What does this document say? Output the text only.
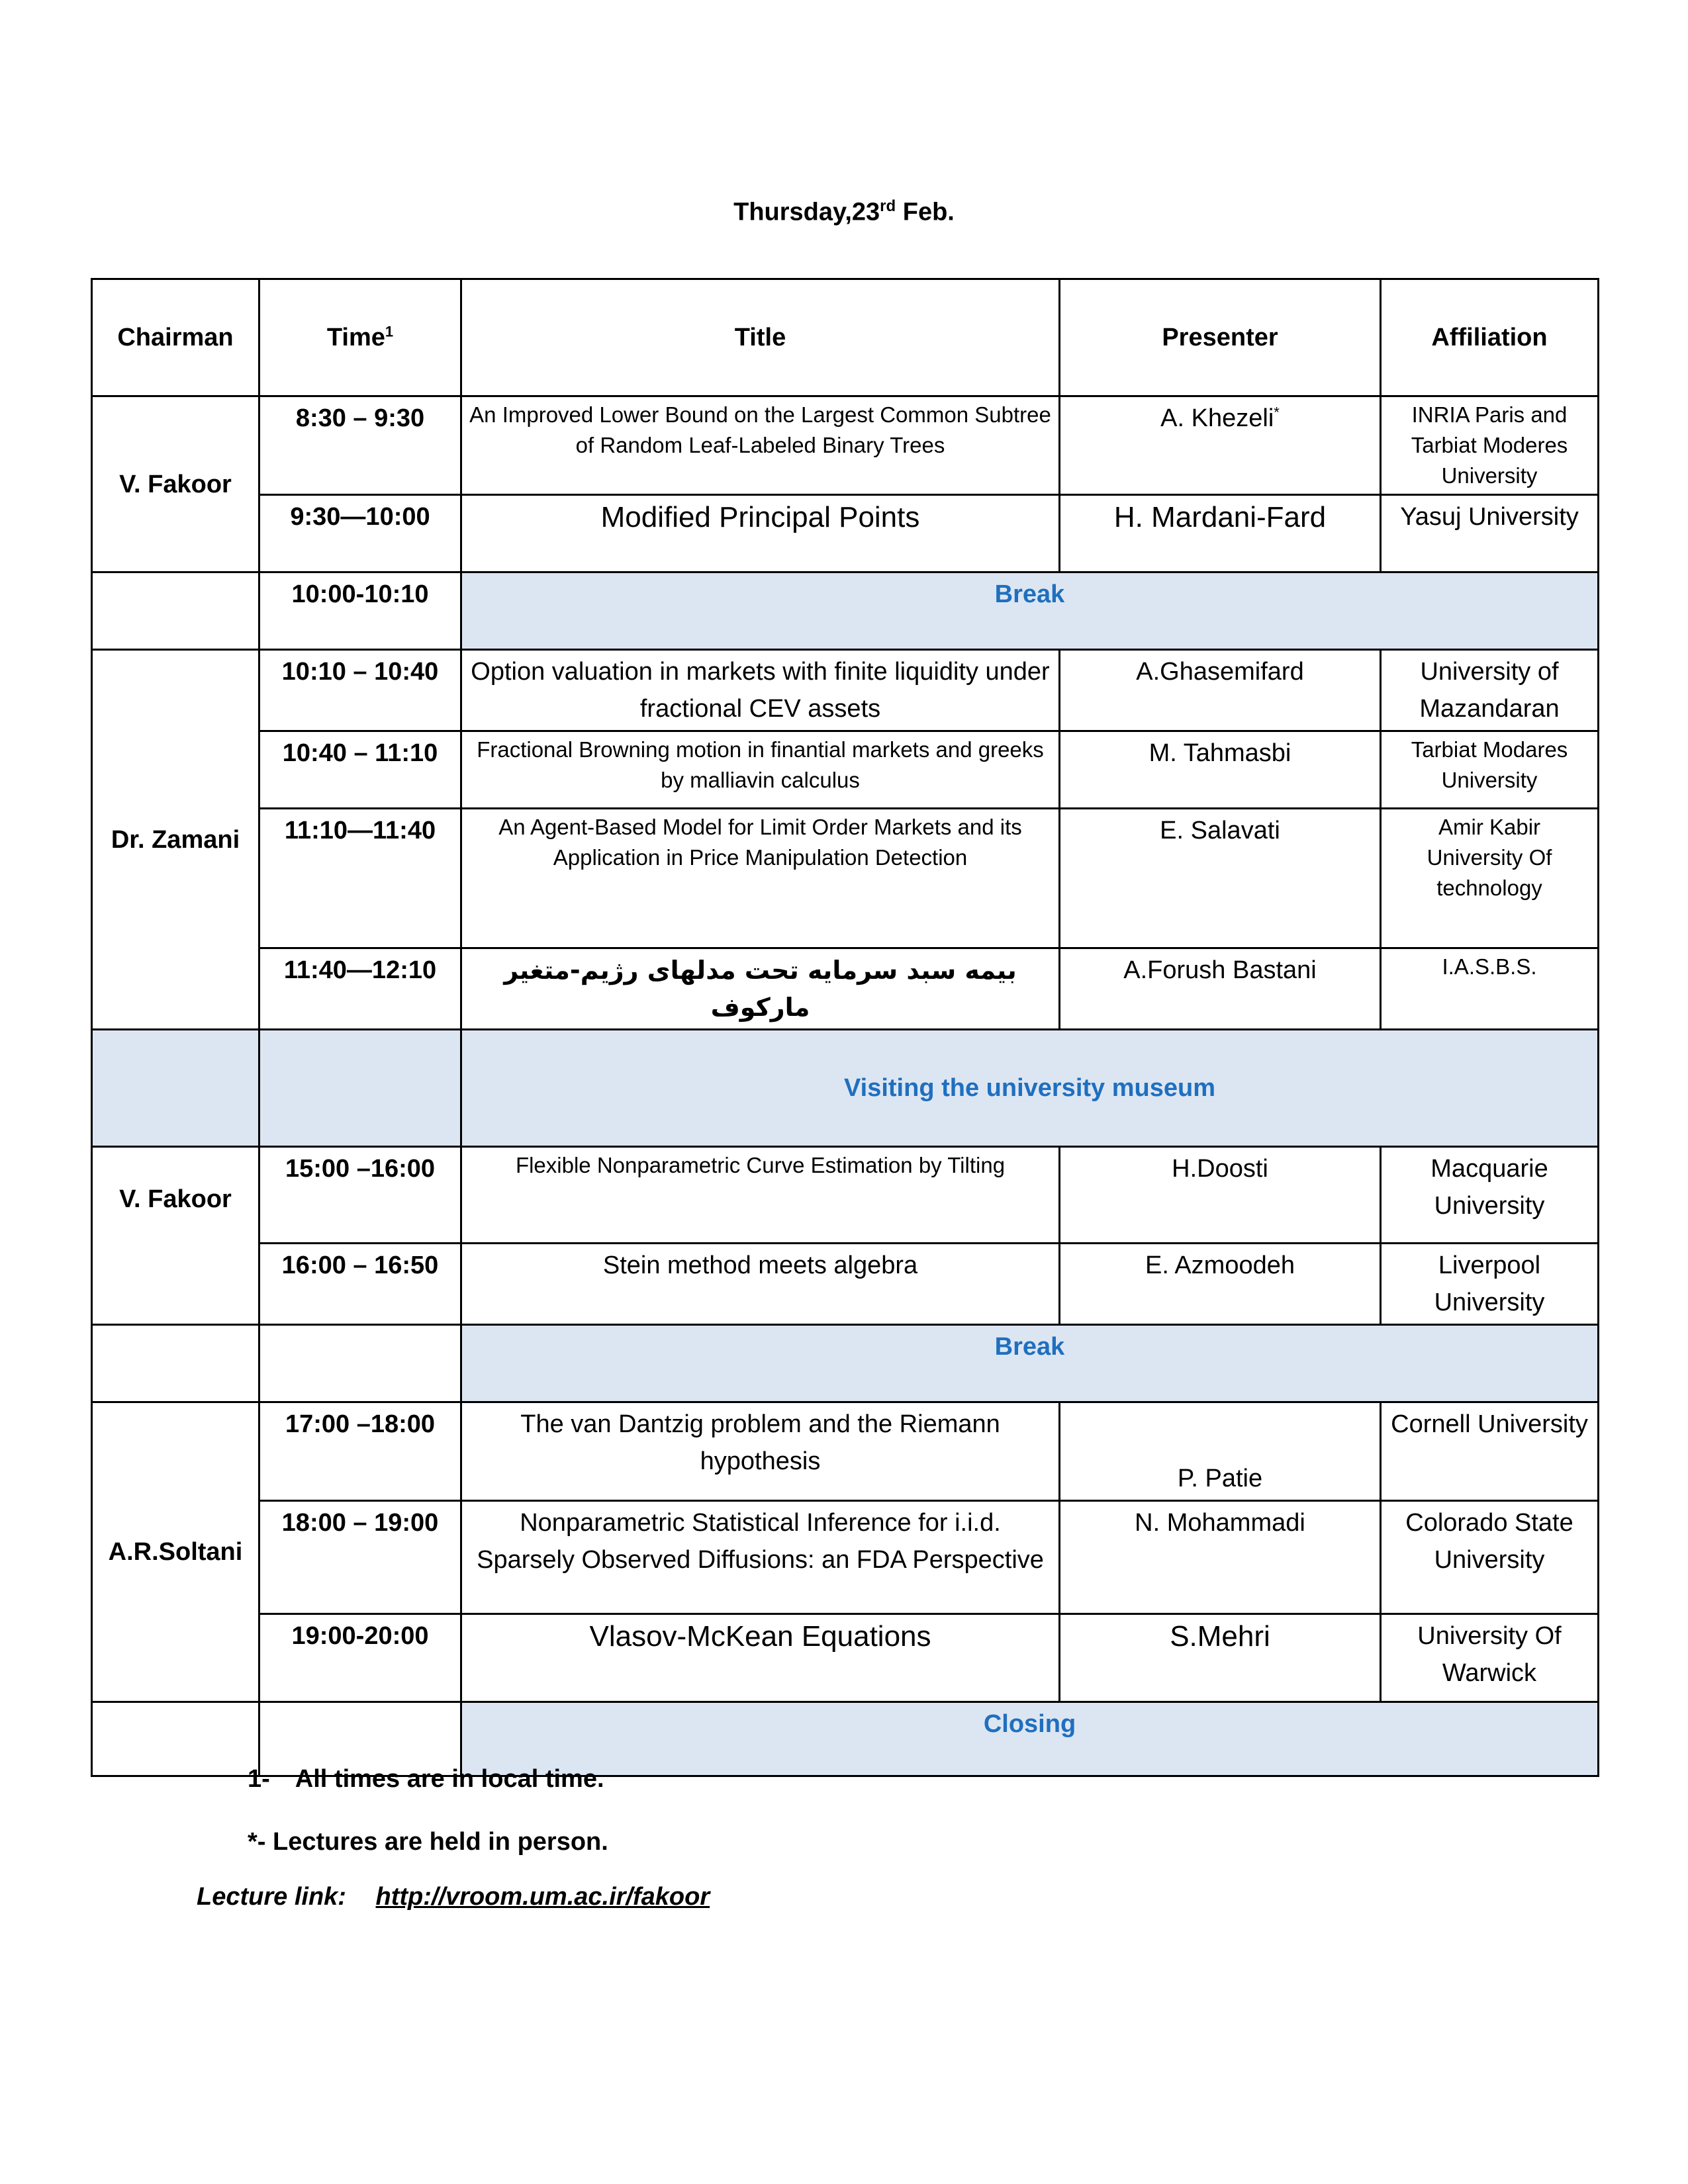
Thursday,23rd Feb.
Chairman	Time$^1$	Title	Presenter	Affiliation
V. Fakoor	8:30 – 9:30	An Improved Lower Bound on the Largest Common Subtree of Random Leaf-Labeled Binary Trees	A. Khezeli*	INRIA Paris and Tarbiat Moderes University
	9:30—10:00	Modified Principal Points	H. Mardani-Fard	Yasuj University
	10:00-10:10	Break		
Dr. Zamani	10:10 – 10:40	Option valuation in markets with finite liquidity under fractional CEV assets	A.Ghasemifard	University of Mazandaran
	10:40 – 11:10	Fractional Browning motion in finantial markets and greeks by malliavin calculus	M. Tahmasbi	Tarbiat Modares University
	11:10—11:40	An Agent-Based Model for Limit Order Markets and its Application in Price Manipulation Detection	E. Salavati	Amir Kabir University Of technology
	11:40—12:10	بیمه سبد سرمایه تحت مدلهای رژیم-متغیر مارکوف	A.Forush Bastani	I.A.S.B.S.
		Visiting the university museum		
V. Fakoor	15:00 –16:00	Flexible Nonparametric Curve Estimation by Tilting	H.Doosti	Macquarie University
	16:00 – 16:50	Stein method meets algebra	E. Azmoodeh	Liverpool University
		Break		
A.R.Soltani	17:00 –18:00	The van Dantzig problem and the Riemann hypothesis	P. Patie	Cornell University
	18:00 – 19:00	Nonparametric Statistical Inference for i.i.d. Sparsely Observed Diffusions: an FDA Perspective	N. Mohammadi	Colorado State University
	19:00-20:00	Vlasov-McKean Equations	S.Mehri	University Of Warwick
		Closing		
1- All times are in local time.
*- Lectures are held in person.
Lecture link: http://vroom.um.ac.ir/fakoor
